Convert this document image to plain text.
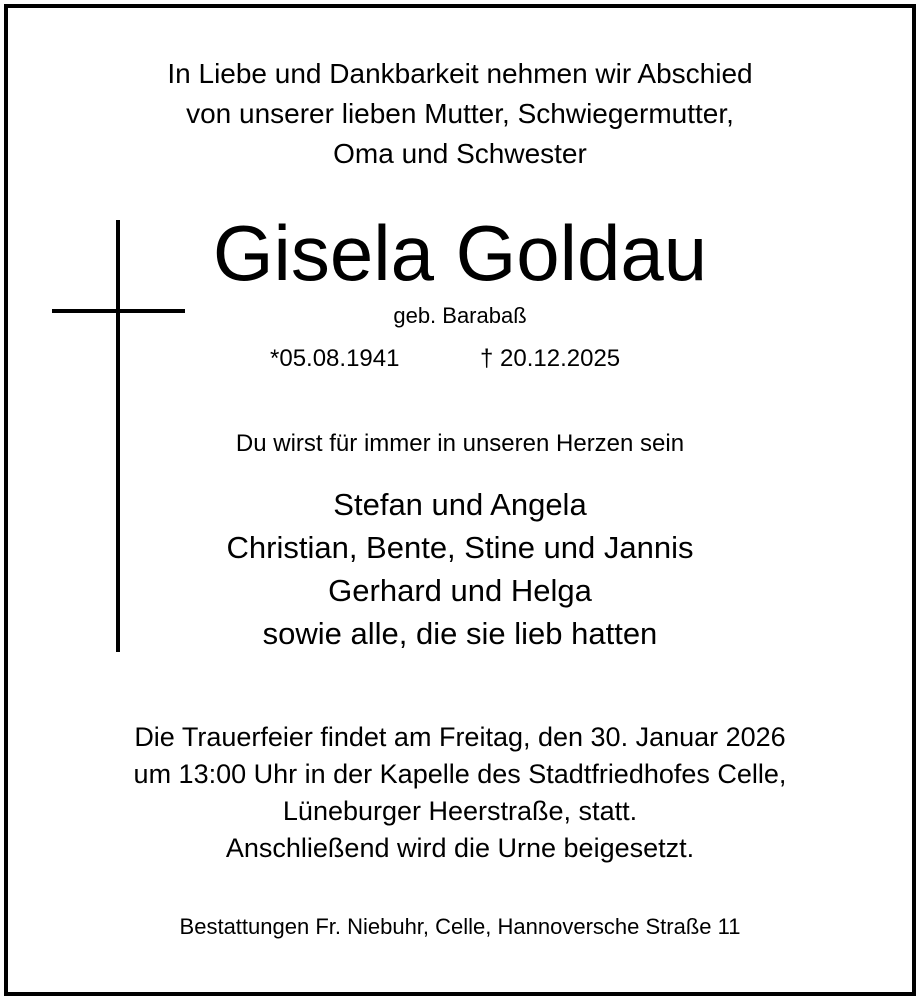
In Liebe und Dankbarkeit nehmen wir Abschied
von unserer lieben Mutter, Schwiegermutter,
Oma und Schwester
Gisela Goldau
geb. Barabaß
*05.08.1941	† 20.12.2025
Du wirst für immer in unseren Herzen sein
Stefan und Angela
Christian, Bente, Stine und Jannis
Gerhard und Helga
sowie alle, die sie lieb hatten
Die Trauerfeier findet am Freitag, den 30. Januar 2026
um 13:00 Uhr in der Kapelle des Stadtfriedhofes Celle,
Lüneburger Heerstraße, statt.
Anschließend wird die Urne beigesetzt.
Bestattungen Fr. Niebuhr, Celle, Hannoversche Straße 11
